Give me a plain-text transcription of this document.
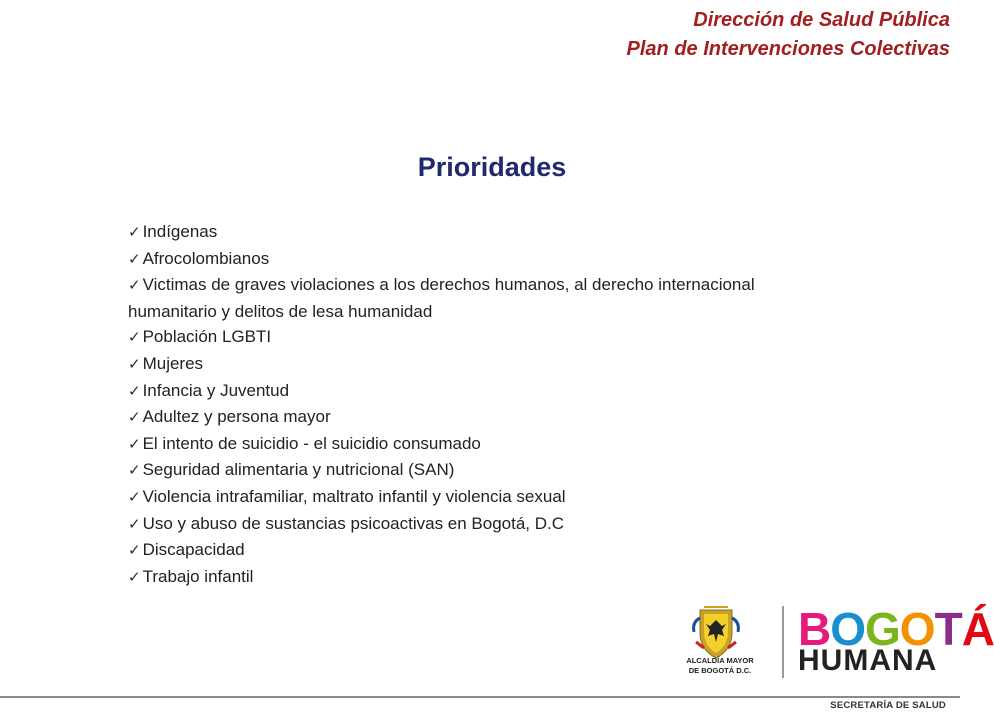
Dirección de Salud Pública
Plan de Intervenciones Colectivas
Prioridades
✓ Indígenas
✓ Afrocolombianos
✓ Victimas de graves violaciones a los derechos humanos, al derecho internacional humanitario y delitos de lesa humanidad
✓ Población LGBTI
✓ Mujeres
✓ Infancia y Juventud
✓ Adultez y persona mayor
✓ El intento de suicidio - el suicidio consumado
✓ Seguridad alimentaria y nutricional (SAN)
✓ Violencia intrafamiliar, maltrato infantil y violencia sexual
✓ Uso y abuso de sustancias psicoactivas en Bogotá, D.C
✓ Discapacidad
✓ Trabajo infantil
ALCALDÍA MAYOR
DE BOGOTÁ D.C.
BOGOTÁ
HUMANA
SECRETARÍA DE SALUD
